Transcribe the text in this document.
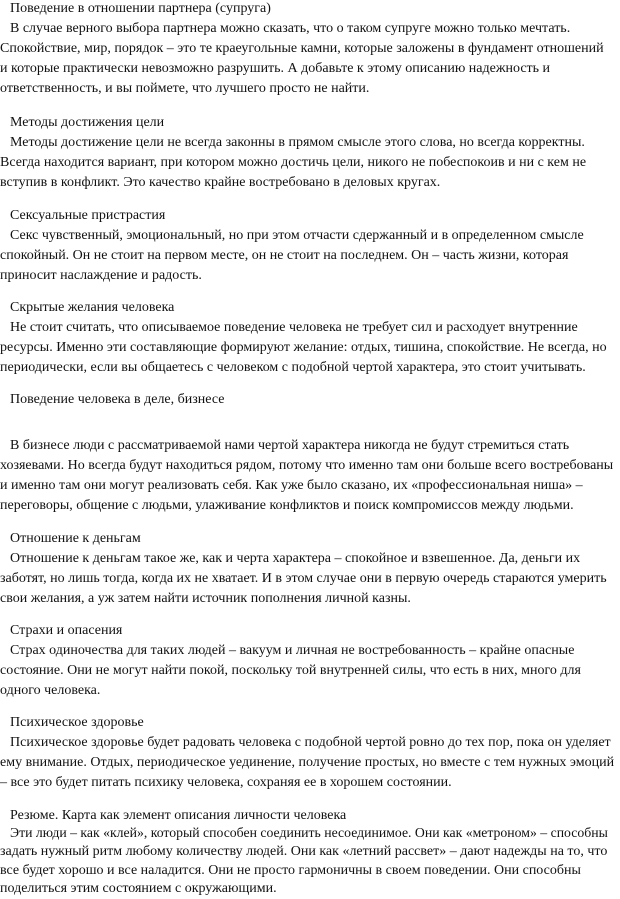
Поведение в отношении партнера (супруга)
В случае верного выбора партнера можно сказать, что о таком супруге можно только мечтать.
Спокойствие, мир, порядок – это те краеугольные камни, которые заложены в фундамент отношений
и которые практически невозможно разрушить. А добавьте к этому описанию надежность и
ответственность, и вы поймете, что лучшего просто не найти.
Методы достижения цели
Методы достижение цели не всегда законны в прямом смысле этого слова, но всегда корректны.
Всегда находится вариант, при котором можно достичь цели, никого не побеспокоив и ни с кем не
вступив в конфликт. Это качество крайне востребовано в деловых кругах.
Сексуальные пристрастия
Секс чувственный, эмоциональный, но при этом отчасти сдержанный и в определенном смысле
спокойный. Он не стоит на первом месте, он не стоит на последнем. Он – часть жизни, которая
приносит наслаждение и радость.
Скрытые желания человека
Не стоит считать, что описываемое поведение человека не требует сил и расходует внутренние
ресурсы. Именно эти составляющие формируют желание: отдых, тишина, спокойствие. Не всегда, но
периодически, если вы общаетесь с человеком с подобной чертой характера, это стоит учитывать.
Поведение человека в деле, бизнесе
В бизнесе люди с рассматриваемой нами чертой характера никогда не будут стремиться стать
хозяевами. Но всегда будут находиться рядом, потому что именно там они больше всего востребованы
и именно там они могут реализовать себя. Как уже было сказано, их «профессиональная ниша» –
переговоры, общение с людьми, улаживание конфликтов и поиск компромиссов между людьми.
Отношение к деньгам
Отношение к деньгам такое же, как и черта характера – спокойное и взвешенное. Да, деньги их
заботят, но лишь тогда, когда их не хватает. И в этом случае они в первую очередь стараются умерить
свои желания, а уж затем найти источник пополнения личной казны.
Страхи и опасения
Страх одиночества для таких людей – вакуум и личная не востребованность – крайне опасные
состояние. Они не могут найти покой, поскольку той внутренней силы, что есть в них, много для
одного человека.
Психическое здоровье
Психическое здоровье будет радовать человека с подобной чертой ровно до тех пор, пока он уделяет
ему внимание. Отдых, периодическое уединение, получение простых, но вместе с тем нужных эмоций
– все это будет питать психику человека, сохраняя ее в хорошем состоянии.
Резюме. Карта как элемент описания личности человека
Эти люди – как «клей», который способен соединить несоединимое. Они как «метроном» – способны
задать нужный ритм любому количеству людей. Они как «летний рассвет» – дают надежды на то, что
все будет хорошо и все наладится. Они не просто гармоничны в своем поведении. Они способны
поделиться этим состоянием с окружающими.
